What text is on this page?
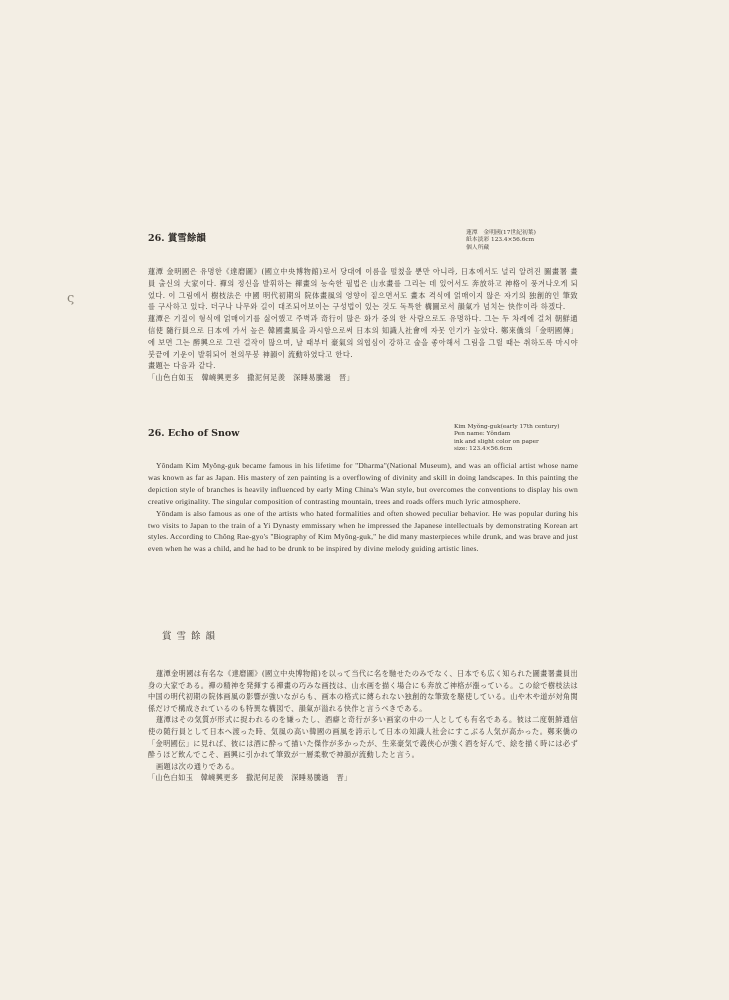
ς
26. 賞雪餘韻	蓮潭　金明國(17世紀初葉)
紙本淡彩 123.4×56.6cm
個人所藏

蓮潭 金明國은 유명한《達磨圖》(國立中央博物館)로서 당대에 이름을 떨쳤을 뿐만 아니라, 日本에서도 널리 알려진 圖畫署 畫員 출신의 大家이다. 禪의 정신을 발휘하는 禪畫의 능숙한 필법은 山水畫를 그리는 데 있어서도 奔放하고 神格이 풍겨나오게 되었다. 이 그림에서 樹枝法은 中國 明代初期의 院体畫風의 영향이 짙으면서도 畫本 격식에 얽매이지 않은 자기의 独創的인 筆致를 구사하고 있다. 더구나 나무와 길이 대조되어보이는 구성법이 있는 것도 독특한 構圖로서 韻氣가 넘치는 快作이라 하겠다.

蓮潭은 기질이 형식에 얽매이기를 싫어했고 주벽과 奇行이 많은 화가 중의 한 사람으로도 유명하다. 그는 두 차례에 걸쳐 朝鮮通信使 隨行員으로 日本에 가서 높은 韓國畫風을 과시함으로써 日本의 知識人社會에 자못 인기가 높았다. 鄭來僑의「金明國傳」에 보면 그는 醉興으로 그린 걸작이 많으며, 날 때부터 豪氣의 의협심이 강하고 술을 좋아해서 그림을 그릴 때는 취하도록 마시야 붓끝에 기운이 발휘되어 천의무봉 神韻이 流動하였다고 한다.

畫題는 다음과 같다.

「山色白如玉　韓嶢興更多　撒泥何足羨　深睡易騰過　晋」

26. Echo of Snow
Kim Myŏng-guk(early 17th century)
Pen name: Yŏndam
ink and slight color on paper
size: 123.4×56.6cm

Yŏndam Kim Myŏng-guk became famous in his lifetime for "Dharma"(National Museum), and was an official artist whose name was known as far as Japan. His mastery of zen painting is a overflowing of divinity and skill in doing landscapes. In this painting the depiction style of branches is heavily influenced by early Ming China's Wan style, but overcomes the conventions to display his own creative originality. The singular composition of contrasting mountain, trees and roads offers much lyric atmosphere.

Yŏndam is also famous as one of the artists who hated formalities and often showed peculiar behavior. He was popular during his two visits to Japan to the train of a Yi Dynasty emmissary when he impressed the Japanese intellectuals by demonstrating Korean art styles. According to Chŏng Rae-gyo's "Biography of Kim Myŏng-guk," he did many masterpieces while drunk, and was brave and just even when he was a child, and he had to be drunk to be inspired by divine melody guiding artistic lines.

賞雪餘韻

蓮潭金明國は有名な《達磨圖》(國立中央博物館)を以って当代に名を馳せたのみでなく、日本でも広く知られた圖畫署畫員出身の大家である。禪の精神を発揮する禪畫の巧みな画技は、山水画を描く場合にも奔放ご神格が漲っている。この絵で樹枝法は中国の明代初期の院体画風の影響が強いながらも、画本の格式に縛られない独創的な筆致を駆使している。山や木や道が対角関係だけで構成されているのも特異な構図で、韻氣が溢れる快作と言うべきである。

蓮潭はその気質が形式に捉われるのを嫌ったし、酒癖と奇行が多い画家の中の一人としても有名である。彼は二度朝鮮通信使の随行員として日本へ渡った時、気風の高い韓國の画風を誇示して日本の知識人社会にすこぶる人気が高かった。鄭來僑の「金明國伝」に見れば、彼には酒に酔って描いた傑作が多かったが、生来豪気で義侠心が強く酒を好んで、絵を描く時には必ず酔うほど飲んでこそ、画興に引かれて筆致が一層柔軟で神韻が流動したと言う。

画題は次の通りである。

「山色白如玉　韓嶢興更多　撒泥何足羨　深睡易騰過　晋」
